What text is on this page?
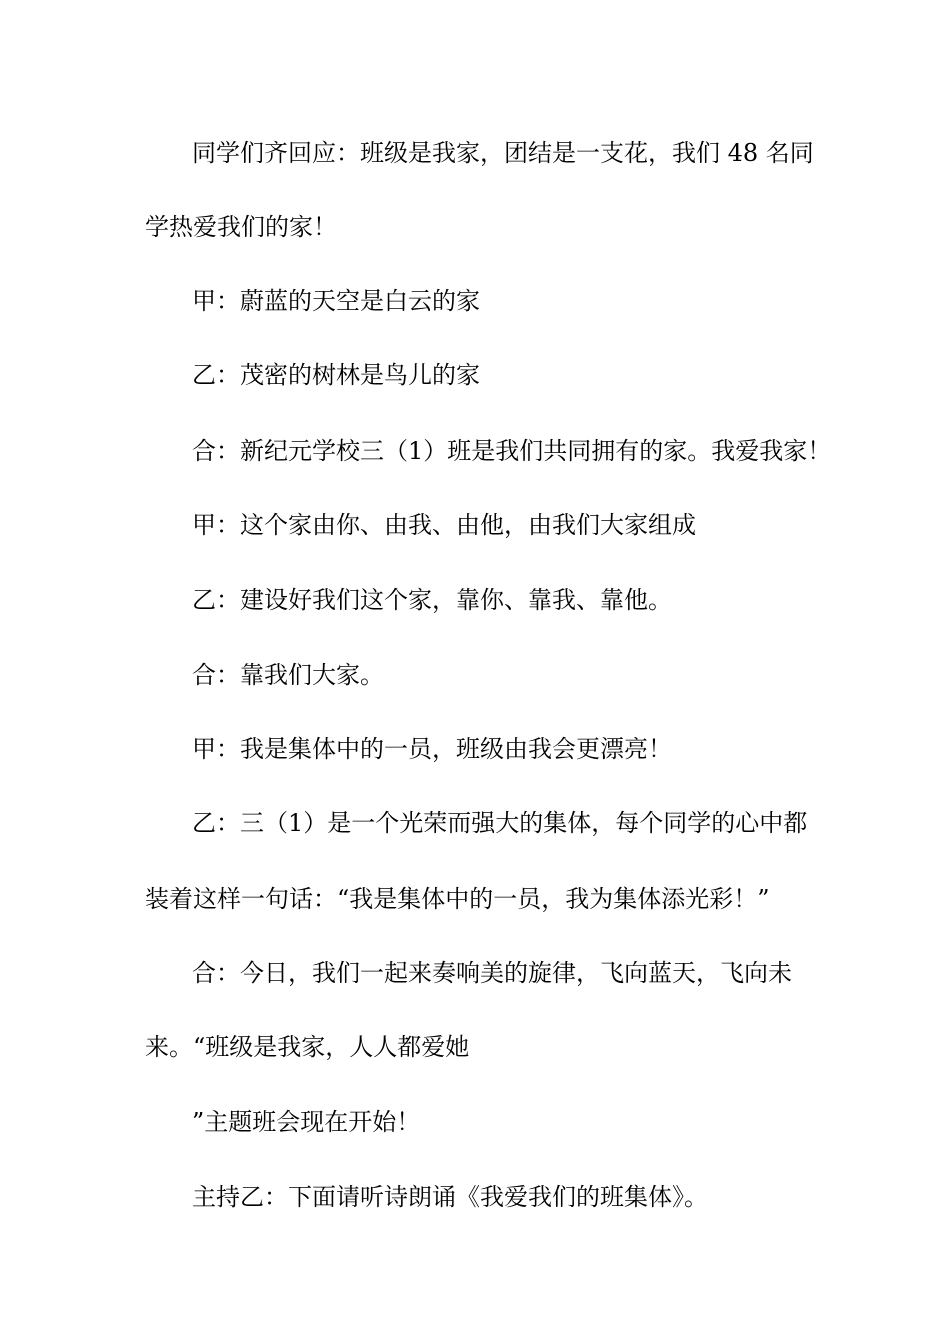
同学们齐回应：班级是我家，团结是一支花，我们 48 名同

学热爱我们的家！

甲：蔚蓝的天空是白云的家

乙：茂密的树林是鸟儿的家

合：新纪元学校三（1）班是我们共同拥有的家。我爱我家！

甲：这个家由你、由我、由他，由我们大家组成

乙：建设好我们这个家，靠你、靠我、靠他。

合：靠我们大家。

甲：我是集体中的一员，班级由我会更漂亮！

乙：三（1）是一个光荣而强大的集体，每个同学的心中都

装着这样一句话：“我是集体中的一员，我为集体添光彩！”

合：今日，我们一起来奏响美的旋律，飞向蓝天，飞向未

来。“班级是我家，人人都爱她

”主题班会现在开始！

主持乙：下面请听诗朗诵《我爱我们的班集体》。
